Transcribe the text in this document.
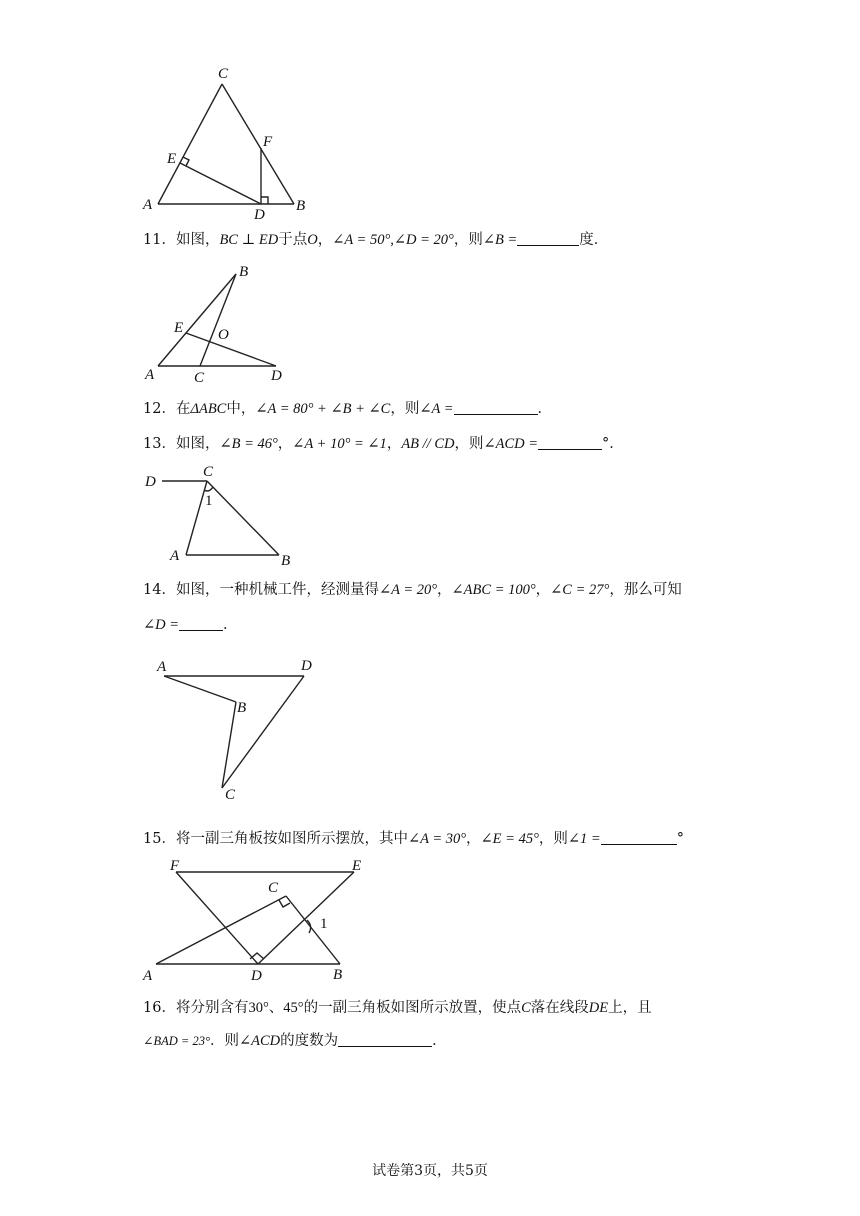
C
E
F
A
D
B
11．如图，BC ⊥ ED于点O，∠A = 50°,∠D = 20°，则∠B =	度．
B
E O
A	C	D
12．在ΔABC中，∠A = 80° + ∠B + ∠C，则∠A =	．
13．如图，∠B = 46°，∠A + 10° = ∠1，AB // CD，则∠ACD =	°．
D
C
1
A	B
14．如图，一种机械工件，经测量得∠A = 20°，∠ABC = 100°，∠C = 27°，那么可知
∠D =	．
A	D
B
C
15．将一副三角板按如图所示摆放，其中∠A = 30°，∠E = 45°，则∠1 =	°
F	E
C
1
A	D	B
16．将分别含有30°、45°的一副三角板如图所示放置，使点C落在线段DE上，且
∠BAD = 23°．则∠ACD的度数为	．
试卷第3页，共5页
